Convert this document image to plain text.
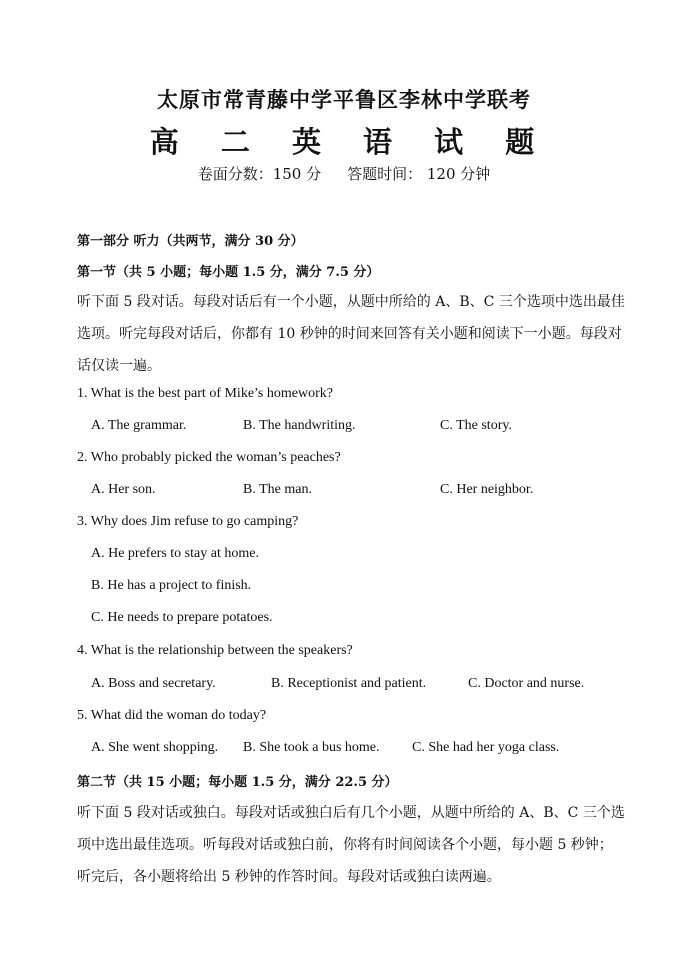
太原市常青藤中学平鲁区李林中学联考
高 二 英 语 试 题
卷面分数：150 分 答题时间： 120 分钟
第一部分 听力（共两节，满分 30 分）
第一节（共 5 小题；每小题 1.5 分，满分 7.5 分）
听下面 5 段对话。每段对话后有一个小题，从题中所给的 A、B、C 三个选项中选出最佳
选项。听完每段对话后，你都有 10 秒钟的时间来回答有关小题和阅读下一小题。每段对
话仅读一遍。
1. What is the best part of Mike’s homework?
A. The grammar.	B. The handwriting.	C. The story.
2. Who probably picked the woman’s peaches?
A. Her son.	B. The man.	C. Her neighbor.
3. Why does Jim refuse to go camping?
A. He prefers to stay at home.
B. He has a project to finish.
C. He needs to prepare potatoes.
4. What is the relationship between the speakers?
A. Boss and secretary.	B. Receptionist and patient.	C. Doctor and nurse.
5. What did the woman do today?
A. She went shopping. B. She took a bus home. C. She had her yoga class.
第二节（共 15 小题；每小题 1.5 分，满分 22.5 分）
听下面 5 段对话或独白。每段对话或独白后有几个小题，从题中所给的 A、B、C 三个选
项中选出最佳选项。听每段对话或独白前，你将有时间阅读各个小题，每小题 5 秒钟；
听完后，各小题将给出 5 秒钟的作答时间。每段对话或独白读两遍。
